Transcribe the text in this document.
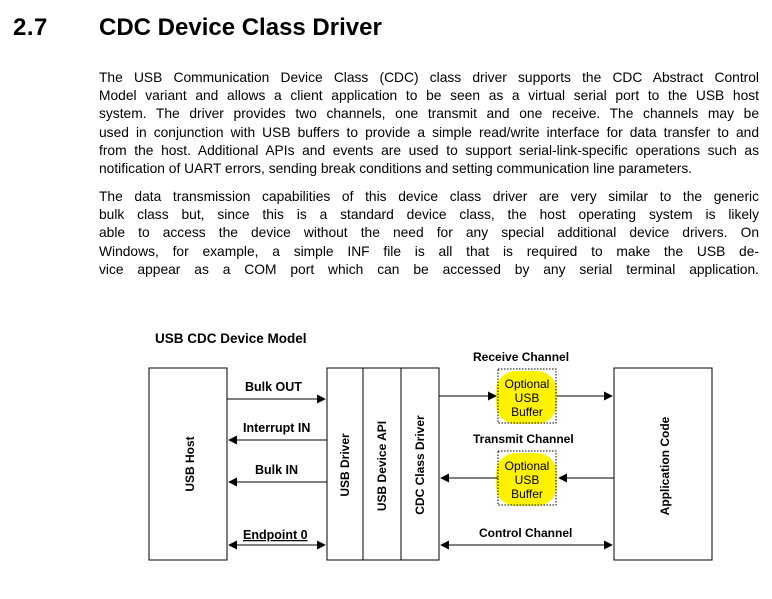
2.7 CDC Device Class Driver
The USB Communication Device Class (CDC) class driver supports the CDC Abstract Control
Model variant and allows a client application to be seen as a virtual serial port to the USB host
system. The driver provides two channels, one transmit and one receive. The channels may be
used in conjunction with USB buffers to provide a simple read/write interface for data transfer to and
from the host. Additional APIs and events are used to support serial-link-specific operations such as
notification of UART errors, sending break conditions and setting communication line parameters.
The data transmission capabilities of this device class driver are very similar to the generic
bulk class but, since this is a standard device class, the host operating system is likely
able to access the device without the need for any special additional device drivers. On
Windows, for example, a simple INF file is all that is required to make the USB de-
vice appear as a COM port which can be accessed by any serial terminal application.
USB CDC Device Model
USB Host	USB Driver USB Device API CDC Class Driver	Application Code
Bulk OUT
Interrupt IN
Bulk IN
Endpoint 0
Receive Channel
Transmit Channel
Control Channel
Optional
USB
Buffer
Optional
USB
Buffer
